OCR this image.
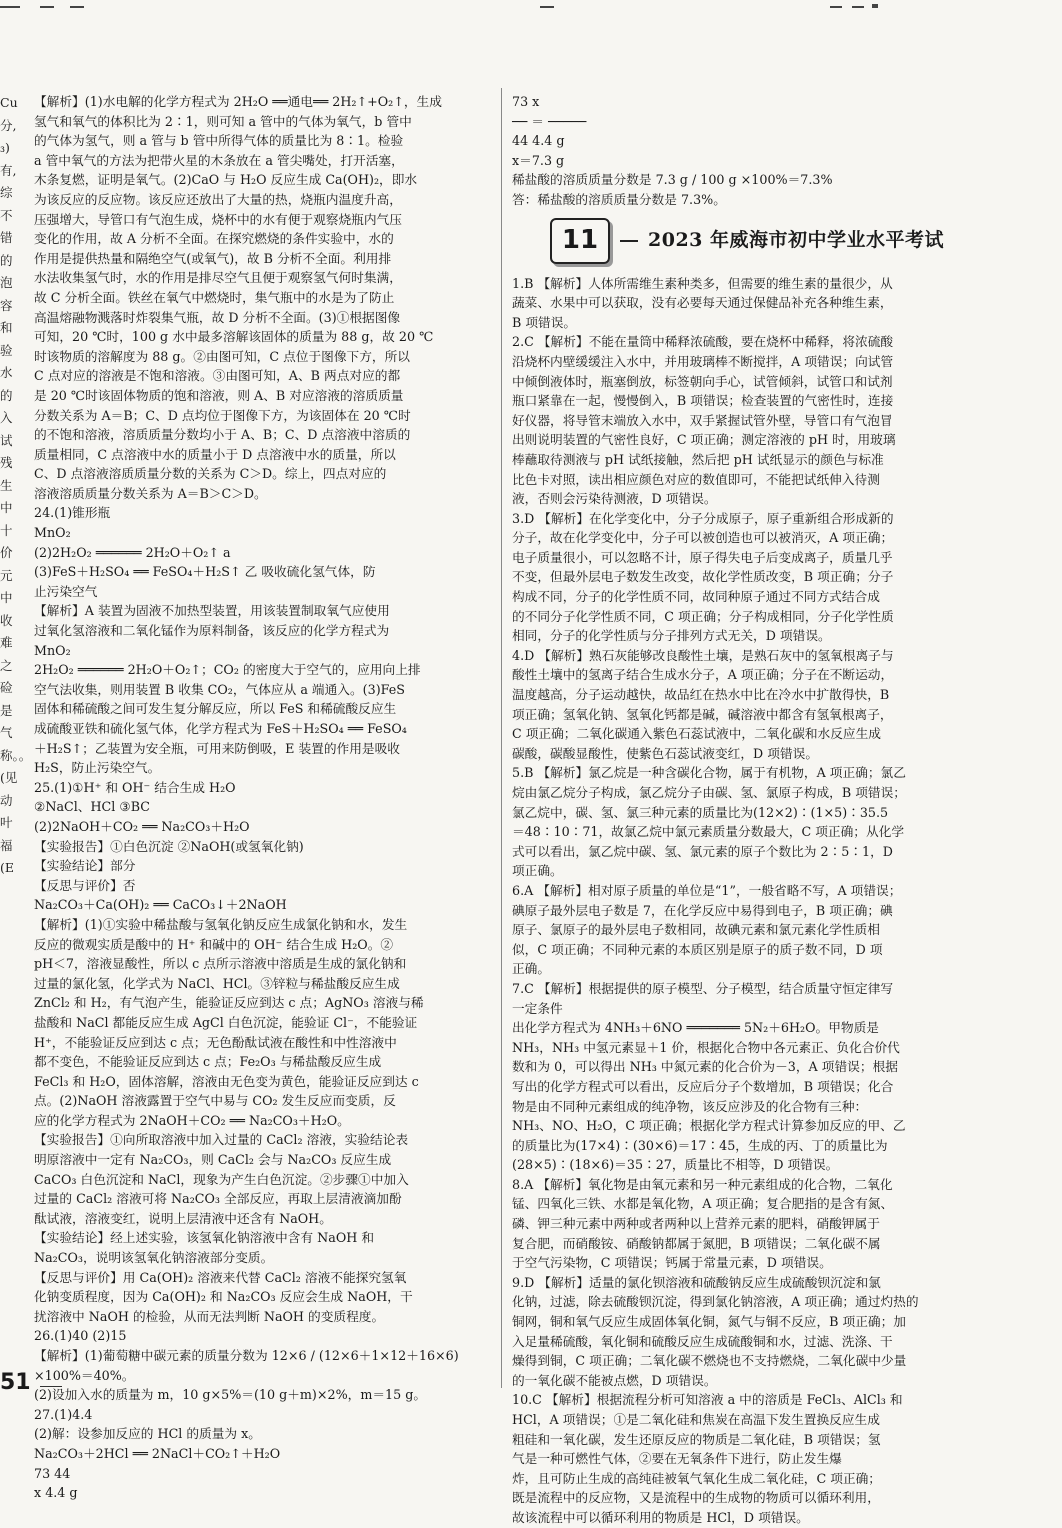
Cu分,₃)有,综 不错的泡容和验 水的入试残生中 十价元中收 难之硷是气称。。(见动叶福(E
【解析】(1)水电解的化学方程式为 2H₂O ══通电══ 2H₂↑+O₂↑，生成
氢气和氧气的体积比为 2∶1，则可知 a 管中的气体为氧气，b 管中
的气体为氢气，则 a 管与 b 管中所得气体的质量比为 8∶1。检验
a 管中氧气的方法为把带火星的木条放在 a 管尖嘴处，打开活塞，
木条复燃，证明是氧气。(2)CaO 与 H₂O 反应生成 Ca(OH)₂，即水
为该反应的反应物。该反应还放出了大量的热，烧瓶内温度升高，
压强增大，导管口有气泡生成，烧杯中的水有便于观察烧瓶内气压
变化的作用，故 A 分析不全面。在探究燃烧的条件实验中，水的
作用是提供热量和隔绝空气(或氧气)，故 B 分析不全面。利用排
水法收集氢气时，水的作用是排尽空气且便于观察氢气何时集满，
故 C 分析全面。铁丝在氧气中燃烧时，集气瓶中的水是为了防止
高温熔融物溅落时炸裂集气瓶，故 D 分析不全面。(3)①根据图像
可知，20 ℃时，100 g 水中最多溶解该固体的质量为 88 g，故 20 ℃
时该物质的溶解度为 88 g。②由图可知，C 点位于图像下方，所以
C 点对应的溶液是不饱和溶液。③由图可知，A、B 两点对应的都
是 20 ℃时该固体物质的饱和溶液，则 A、B 对应溶液的溶质质量
分数关系为 A＝B；C、D 点均位于图像下方，为该固体在 20 ℃时
的不饱和溶液，溶质质量分数均小于 A、B；C、D 点溶液中溶质的
质量相同，C 点溶液中水的质量小于 D 点溶液中水的质量，所以
C、D 点溶液溶质质量分数的关系为 C＞D。综上，四点对应的
溶液溶质质量分数关系为 A＝B＞C＞D。
24.(1)锥形瓶
MnO₂
(2)2H₂O₂ ══════ 2H₂O＋O₂↑ a
(3)FeS＋H₂SO₄ ══ FeSO₄＋H₂S↑ 乙 吸收硫化氢气体，防
止污染空气
【解析】A 装置为固液不加热型装置，用该装置制取氧气应使用
过氧化氢溶液和二氧化锰作为原料制备，该反应的化学方程式为
MnO₂
2H₂O₂ ══════ 2H₂O＋O₂↑；CO₂ 的密度大于空气的，应用向上排
空气法收集，则用装置 B 收集 CO₂，气体应从 a 端通入。(3)FeS
固体和稀硫酸之间可发生复分解反应，所以 FeS 和稀硫酸反应生
成硫酸亚铁和硫化氢气体，化学方程式为 FeS＋H₂SO₄ ══ FeSO₄
＋H₂S↑；乙装置为安全瓶，可用来防倒吸，E 装置的作用是吸收
H₂S，防止污染空气。
25.(1)①H⁺ 和 OH⁻ 结合生成 H₂O
②NaCl、HCl ③BC
(2)2NaOH＋CO₂ ══ Na₂CO₃＋H₂O
【实验报告】①白色沉淀 ②NaOH(或氢氧化钠)
【实验结论】部分
【反思与评价】否
Na₂CO₃＋Ca(OH)₂ ══ CaCO₃↓＋2NaOH
【解析】(1)①实验中稀盐酸与氢氧化钠反应生成氯化钠和水，发生
反应的微观实质是酸中的 H⁺ 和碱中的 OH⁻ 结合生成 H₂O。②
pH＜7，溶液显酸性，所以 c 点所示溶液中溶质是生成的氯化钠和
过量的氯化氢，化学式为 NaCl、HCl。③锌粒与稀盐酸反应生成
ZnCl₂ 和 H₂，有气泡产生，能验证反应到达 c 点；AgNO₃ 溶液与稀
盐酸和 NaCl 都能反应生成 AgCl 白色沉淀，能验证 Cl⁻，不能验证
H⁺，不能验证反应到达 c 点；无色酚酞试液在酸性和中性溶液中
都不变色，不能验证反应到达 c 点；Fe₂O₃ 与稀盐酸反应生成
FeCl₃ 和 H₂O，固体溶解，溶液由无色变为黄色，能验证反应到达 c
点。(2)NaOH 溶液露置于空气中易与 CO₂ 发生反应而变质，反
应的化学方程式为 2NaOH＋CO₂ ══ Na₂CO₃＋H₂O。
【实验报告】①向所取溶液中加入过量的 CaCl₂ 溶液，实验结论表
明原溶液中一定有 Na₂CO₃，则 CaCl₂ 会与 Na₂CO₃ 反应生成
CaCO₃ 白色沉淀和 NaCl，现象为产生白色沉淀。②步骤①中加入
过量的 CaCl₂ 溶液可将 Na₂CO₃ 全部反应，再取上层清液滴加酚
酞试液，溶液变红，说明上层清液中还含有 NaOH。
【实验结论】经上述实验，该氢氧化钠溶液中含有 NaOH 和
Na₂CO₃，说明该氢氧化钠溶液部分变质。
【反思与评价】用 Ca(OH)₂ 溶液来代替 CaCl₂ 溶液不能探究氢氧
化钠变质程度，因为 Ca(OH)₂ 和 Na₂CO₃ 反应会生成 NaOH，干
扰溶液中 NaOH 的检验，从而无法判断 NaOH 的变质程度。
26.(1)40 (2)15
【解析】(1)葡萄糖中碳元素的质量分数为 12×6 / (12×6＋1×12＋16×6)
×100%＝40%。
(2)设加入水的质量为 m，10 g×5%＝(10 g＋m)×2%，m＝15 g。
27.(1)4.4
(2)解：设参加反应的 HCl 的质量为 x。
Na₂CO₃＋2HCl ══ 2NaCl＋CO₂↑＋H₂O
73 44
x 4.4 g
73 x
── ＝ ─────
44 4.4 g
x＝7.3 g
稀盐酸的溶质质量分数是 7.3 g / 100 g ×100%＝7.3%
答：稀盐酸的溶质质量分数是 7.3%。
11	2023 年威海市初中学业水平考试
1.B 【解析】人体所需维生素种类多，但需要的维生素的量很少，从
蔬菜、水果中可以获取，没有必要每天通过保健品补充各种维生素，
B 项错误。
2.C 【解析】不能在量筒中稀释浓硫酸，要在烧杯中稀释，将浓硫酸
沿烧杯内壁缓缓注入水中，并用玻璃棒不断搅拌，A 项错误；向试管
中倾倒液体时，瓶塞倒放，标签朝向手心，试管倾斜，试管口和试剂
瓶口紧靠在一起，慢慢倒入，B 项错误；检查装置的气密性时，连接
好仪器，将导管末端放入水中，双手紧握试管外壁，导管口有气泡冒
出则说明装置的气密性良好，C 项正确；测定溶液的 pH 时，用玻璃
棒蘸取待测液与 pH 试纸接触，然后把 pH 试纸显示的颜色与标准
比色卡对照，读出相应颜色对应的数值即可，不能把试纸伸入待测
液，否则会污染待测液，D 项错误。
3.D 【解析】在化学变化中，分子分成原子，原子重新组合形成新的
分子，故在化学变化中，分子可以被创造也可以被消灭，A 项正确；
电子质量很小，可以忽略不计，原子得失电子后变成离子，质量几乎
不变，但最外层电子数发生改变，故化学性质改变，B 项正确；分子
构成不同，分子的化学性质不同，故同种原子通过不同方式结合成
的不同分子化学性质不同，C 项正确；分子构成相同，分子化学性质
相同，分子的化学性质与分子排列方式无关，D 项错误。
4.D 【解析】熟石灰能够改良酸性土壤，是熟石灰中的氢氧根离子与
酸性土壤中的氢离子结合生成水分子，A 项正确；分子在不断运动，
温度越高，分子运动越快，故品红在热水中比在冷水中扩散得快，B
项正确；氢氧化钠、氢氧化钙都是碱，碱溶液中都含有氢氧根离子，
C 项正确；二氧化碳通入紫色石蕊试液中，二氧化碳和水反应生成
碳酸，碳酸显酸性，使紫色石蕊试液变红，D 项错误。
5.B 【解析】氯乙烷是一种含碳化合物，属于有机物，A 项正确；氯乙
烷由氯乙烷分子构成，氯乙烷分子由碳、氢、氯原子构成，B 项错误；
氯乙烷中，碳、氢、氯三种元素的质量比为(12×2)∶(1×5)∶35.5
＝48∶10∶71，故氯乙烷中氯元素质量分数最大，C 项正确；从化学
式可以看出，氯乙烷中碳、氢、氯元素的原子个数比为 2∶5∶1，D
项正确。
6.A 【解析】相对原子质量的单位是“1”，一般省略不写，A 项错误；
碘原子最外层电子数是 7，在化学反应中易得到电子，B 项正确；碘
原子、氯原子的最外层电子数相同，故碘元素和氯元素化学性质相
似，C 项正确；不同种元素的本质区别是原子的质子数不同，D 项
正确。
7.C 【解析】根据提供的原子模型、分子模型，结合质量守恒定律写
一定条件
出化学方程式为 4NH₃＋6NO ═══════ 5N₂＋6H₂O。甲物质是
NH₃，NH₃ 中氢元素显＋1 价，根据化合物中各元素正、负化合价代
数和为 0，可以得出 NH₃ 中氮元素的化合价为－3，A 项错误；根据
写出的化学方程式可以看出，反应后分子个数增加，B 项错误；化合
物是由不同种元素组成的纯净物，该反应涉及的化合物有三种：
NH₃、NO、H₂O，C 项正确；根据化学方程式计算参加反应的甲、乙
的质量比为(17×4)∶(30×6)＝17∶45，生成的丙、丁的质量比为
(28×5)∶(18×6)＝35∶27，质量比不相等，D 项错误。
8.A 【解析】氧化物是由氧元素和另一种元素组成的化合物，二氧化
锰、四氧化三铁、水都是氧化物，A 项正确；复合肥指的是含有氮、
磷、钾三种元素中两种或者两种以上营养元素的肥料，硝酸钾属于
复合肥，而硝酸铵、硝酸钠都属于氮肥，B 项错误；二氧化碳不属
于空气污染物，C 项错误；钙属于常量元素，D 项错误。
9.D 【解析】适量的氯化钡溶液和硫酸钠反应生成硫酸钡沉淀和氯
化钠，过滤，除去硫酸钡沉淀，得到氯化钠溶液，A 项正确；通过灼热的
铜网，铜和氧气反应生成固体氧化铜，氮气与铜不反应，B 项正确；加
入足量稀硫酸，氧化铜和硫酸反应生成硫酸铜和水，过滤、洗涤、干
燥得到铜，C 项正确；二氧化碳不燃烧也不支持燃烧，二氧化碳中少量
的一氧化碳不能被点燃，D 项错误。
10.C 【解析】根据流程分析可知溶液 a 中的溶质是 FeCl₃、AlCl₃ 和
HCl，A 项错误；①是二氧化硅和焦炭在高温下发生置换反应生成
粗硅和一氧化碳，发生还原反应的物质是二氧化硅，B 项错误；氢
气是一种可燃性气体，②要在无氧条件下进行，防止发生爆
炸，且可防止生成的高纯硅被氧气氧化生成二氧化硅，C 项正确；
既是流程中的反应物，又是流程中的生成物的物质可以循环利用，
故该流程中可以循环利用的物质是 HCl，D 项错误。
51
